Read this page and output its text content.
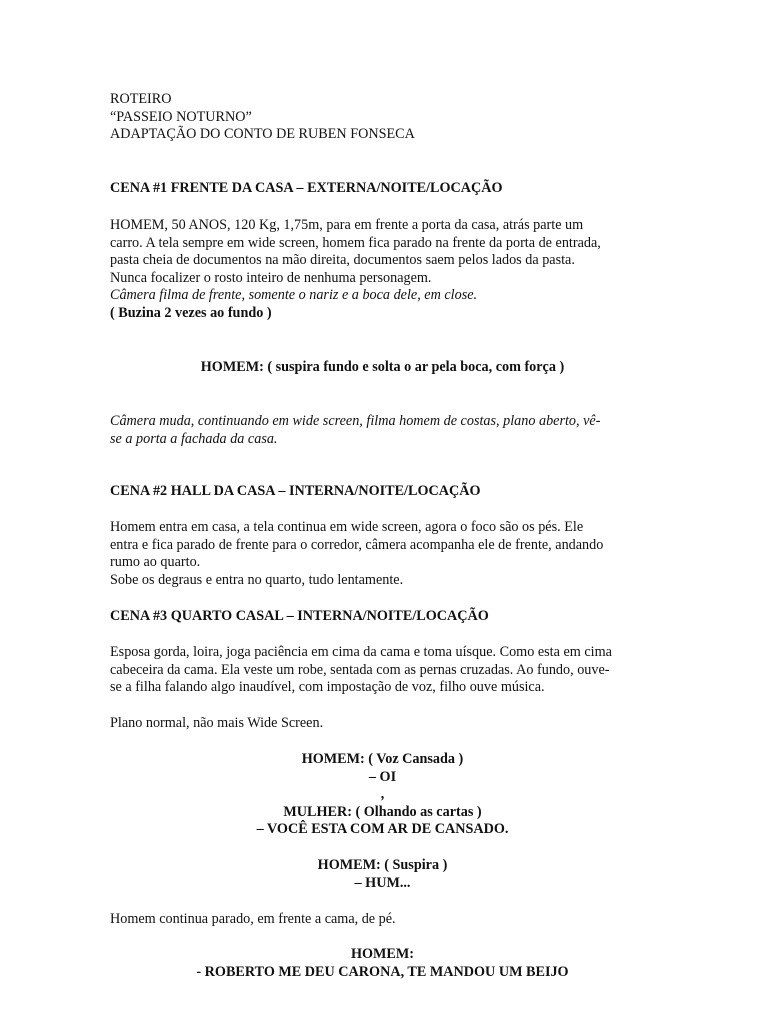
ROTEIRO
“PASSEIO NOTURNO”
ADAPTAÇÃO DO CONTO DE RUBEN FONSECA
CENA #1 FRENTE DA CASA – EXTERNA/NOITE/LOCAÇÃO
HOMEM, 50 ANOS, 120 Kg, 1,75m, para em frente a porta da casa, atrás parte um
carro. A tela sempre em wide screen, homem fica parado na frente da porta de entrada,
pasta cheia de documentos na mão direita, documentos saem pelos lados da pasta.
Nunca focalizer o rosto inteiro de nenhuma personagem.
Câmera filma de frente, somente o nariz e a boca dele, em close.
( Buzina 2 vezes ao fundo )
HOMEM: ( suspira fundo e solta o ar pela boca, com força )
Câmera muda, continuando em wide screen, filma homem de costas, plano aberto, vê-
se a porta a fachada da casa.
CENA #2 HALL DA CASA – INTERNA/NOITE/LOCAÇÃO
Homem entra em casa, a tela continua em wide screen, agora o foco são os pés. Ele
entra e fica parado de frente para o corredor, câmera acompanha ele de frente, andando
rumo ao quarto.
Sobe os degraus e entra no quarto, tudo lentamente.
CENA #3 QUARTO CASAL – INTERNA/NOITE/LOCAÇÃO
Esposa gorda, loira, joga paciência em cima da cama e toma uísque. Como esta em cima
cabeceira da cama. Ela veste um robe, sentada com as pernas cruzadas. Ao fundo, ouve-
se a filha falando algo inaudível, com impostação de voz, filho ouve música.
Plano normal, não mais Wide Screen.
HOMEM: ( Voz Cansada )
– OI
,
MULHER: ( Olhando as cartas )
– VOCÊ ESTA COM AR DE CANSADO.
HOMEM: ( Suspira )
– HUM...
Homem continua parado, em frente a cama, de pé.
HOMEM:
- ROBERTO ME DEU CARONA, TE MANDOU UM BEIJO
